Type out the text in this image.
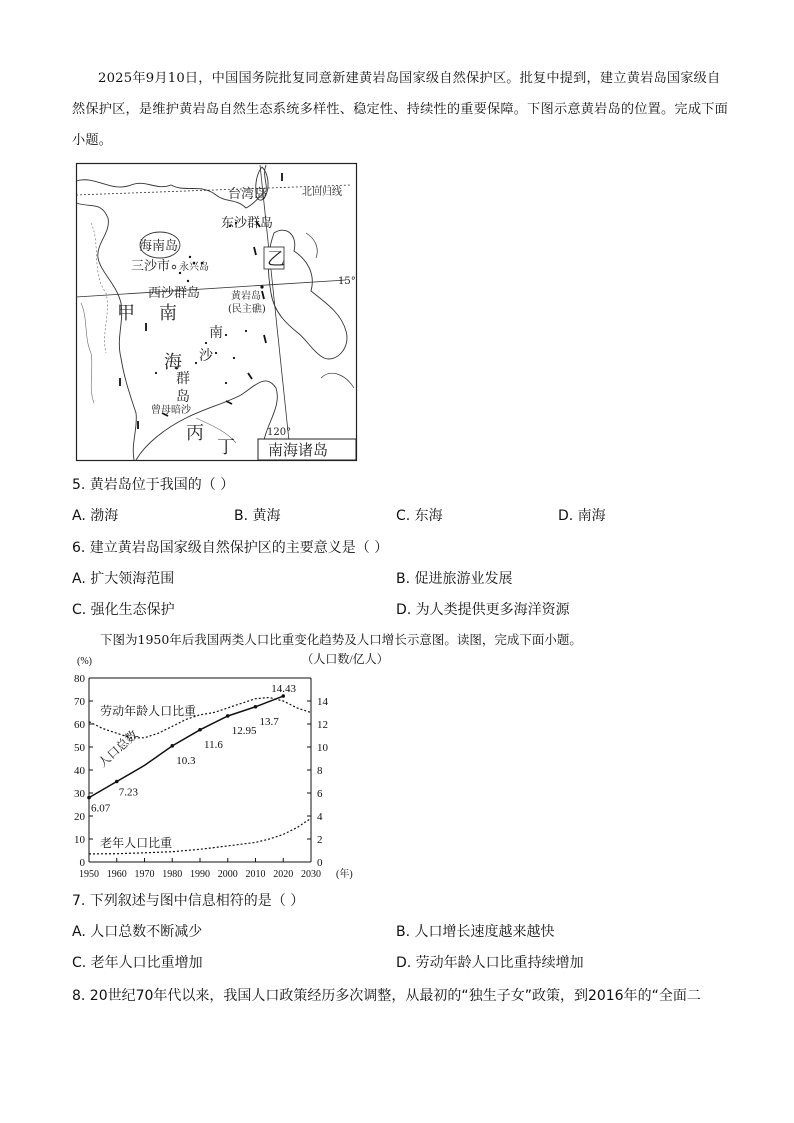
2025年9月10日，中国国务院批复同意新建黄岩岛国家级自然保护区。批复中提到，建立黄岩岛国家级自然保护区，是维护黄岩岛自然生态系统多样性、稳定性、持续性的重要保障。下图示意黄岩岛的位置。完成下面小题。
台湾岛	北回归线
东沙群岛
海南岛
三沙市 永兴岛
西沙群岛	黄岩岛
(民主礁)
乙
15°
甲 南
南
海 沙
群
岛
曾母暗沙
丙
丁
120°
南海诸岛
5. 黄岩岛位于我国的（ ）
A. 渤海	B. 黄海	C. 东海	D. 南海
6. 建立黄岩岛国家级自然保护区的主要意义是（ ）
A. 扩大领海范围	B. 促进旅游业发展
C. 强化生态保护	D. 为人类提供更多海洋资源
下图为1950年后我国两类人口比重变化趋势及人口增长示意图。读图，完成下面小题。
0
10
20
30
40
50
60
70
80
0
2
4
6
8
10
12
14
1950 1960 1970 1980 1990 2000 2010 2020 2030 (年)
(%)	（人口数/亿人）
6.07
7.23
10.3
11.6
12.95
13.7
14.43
人口总数
劳动年龄人口比重
老年人口比重
7. 下列叙述与图中信息相符的是（ ）
A. 人口总数不断减少	B. 人口增长速度越来越快
C. 老年人口比重增加	D. 劳动年龄人口比重持续增加
8. 20世纪70年代以来，我国人口政策经历多次调整，从最初的“独生子女”政策，到2016年的“全面二
